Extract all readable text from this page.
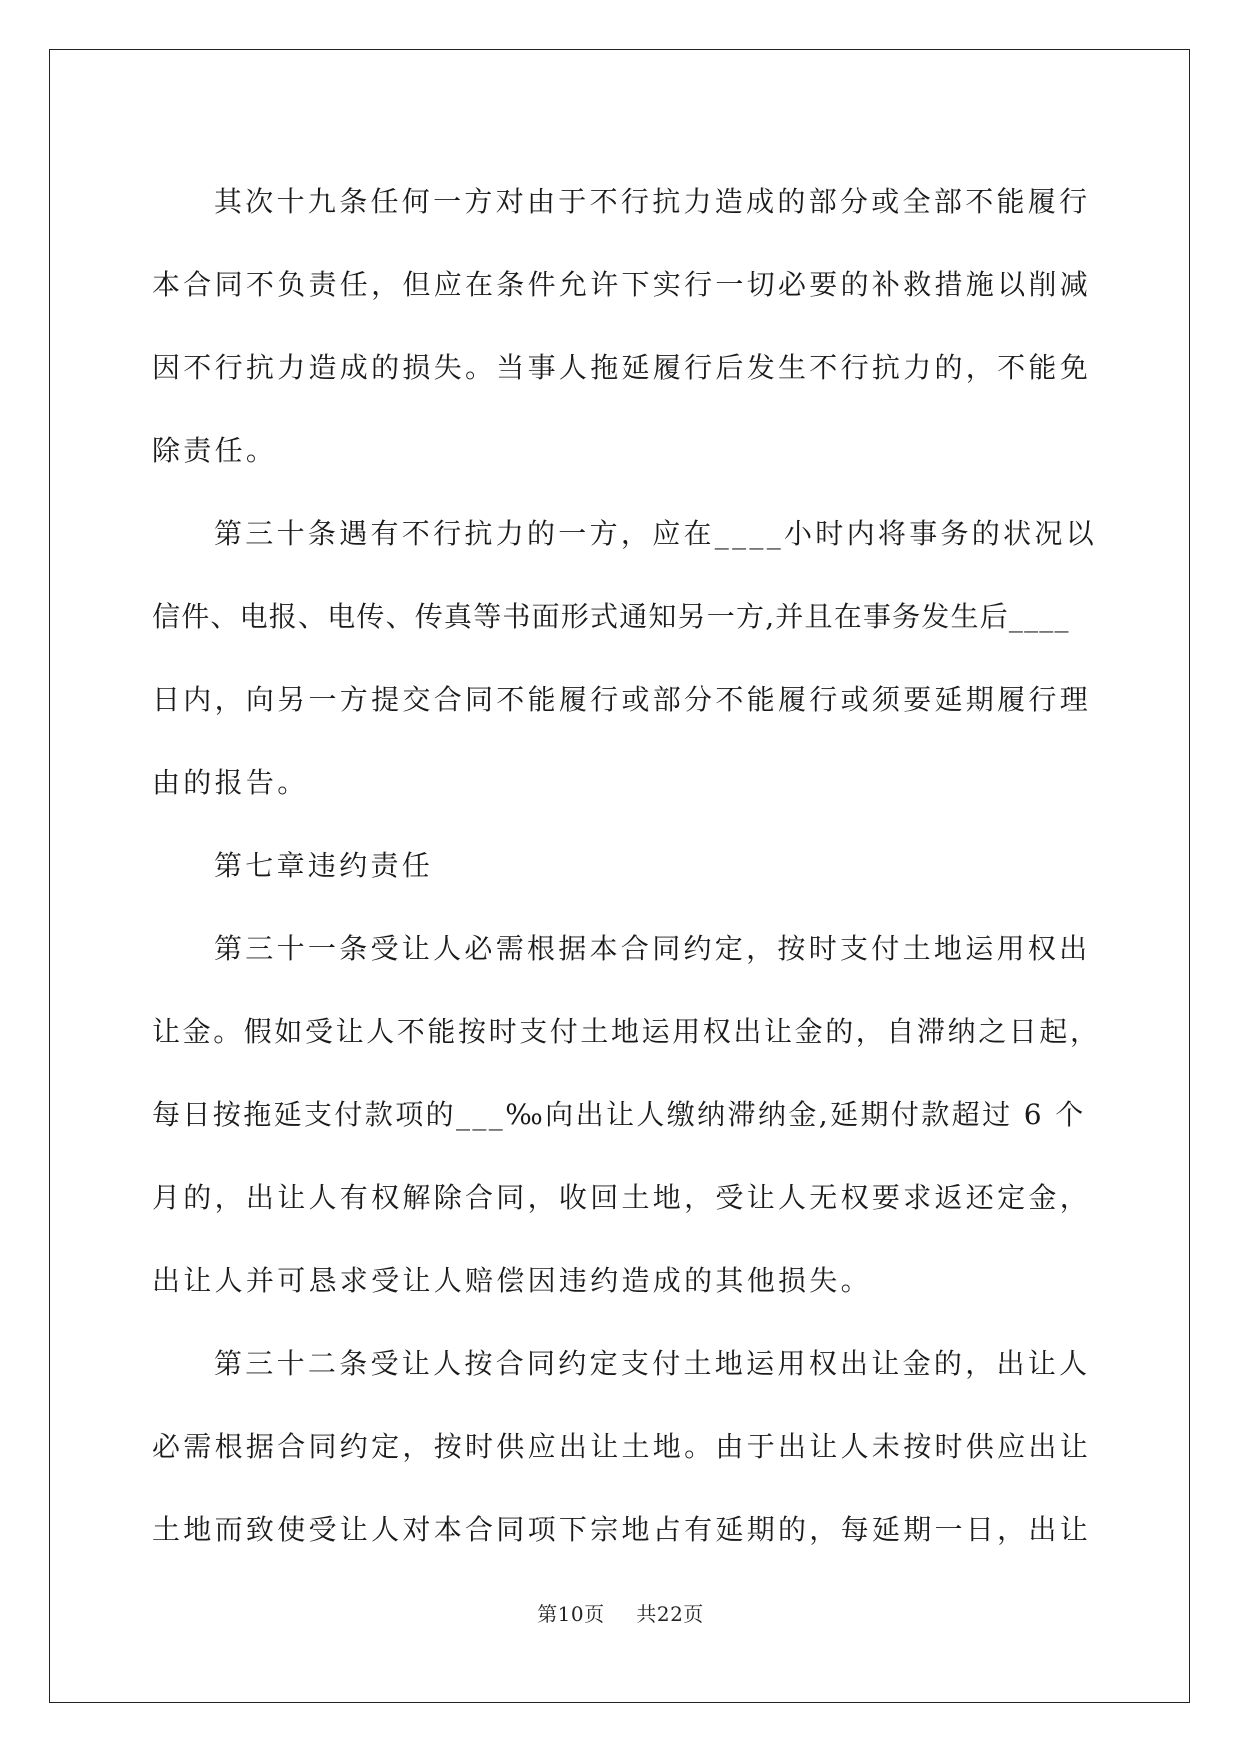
其次十九条任何一方对由于不行抗力造成的部分或全部不能履行
本合同不负责任，但应在条件允许下实行一切必要的补救措施以削减
因不行抗力造成的损失。当事人拖延履行后发生不行抗力的，不能免
除责任。

第三十条遇有不行抗力的一方，应在____小时内将事务的状况以
信件、电报、电传、传真等书面形式通知另一方,并且在事务发生后____
日内，向另一方提交合同不能履行或部分不能履行或须要延期履行理
由的报告。

第七章违约责任

第三十一条受让人必需根据本合同约定，按时支付土地运用权出
让金。假如受让人不能按时支付土地运用权出让金的，自滞纳之日起，
每日按拖延支付款项的___‰向出让人缴纳滞纳金,延期付款超过 6 个
月的，出让人有权解除合同，收回土地，受让人无权要求返还定金，
出让人并可恳求受让人赔偿因违约造成的其他损失。

第三十二条受让人按合同约定支付土地运用权出让金的，出让人
必需根据合同约定，按时供应出让土地。由于出让人未按时供应出让
土地而致使受让人对本合同项下宗地占有延期的，每延期一日，出让

第10页 共22页
